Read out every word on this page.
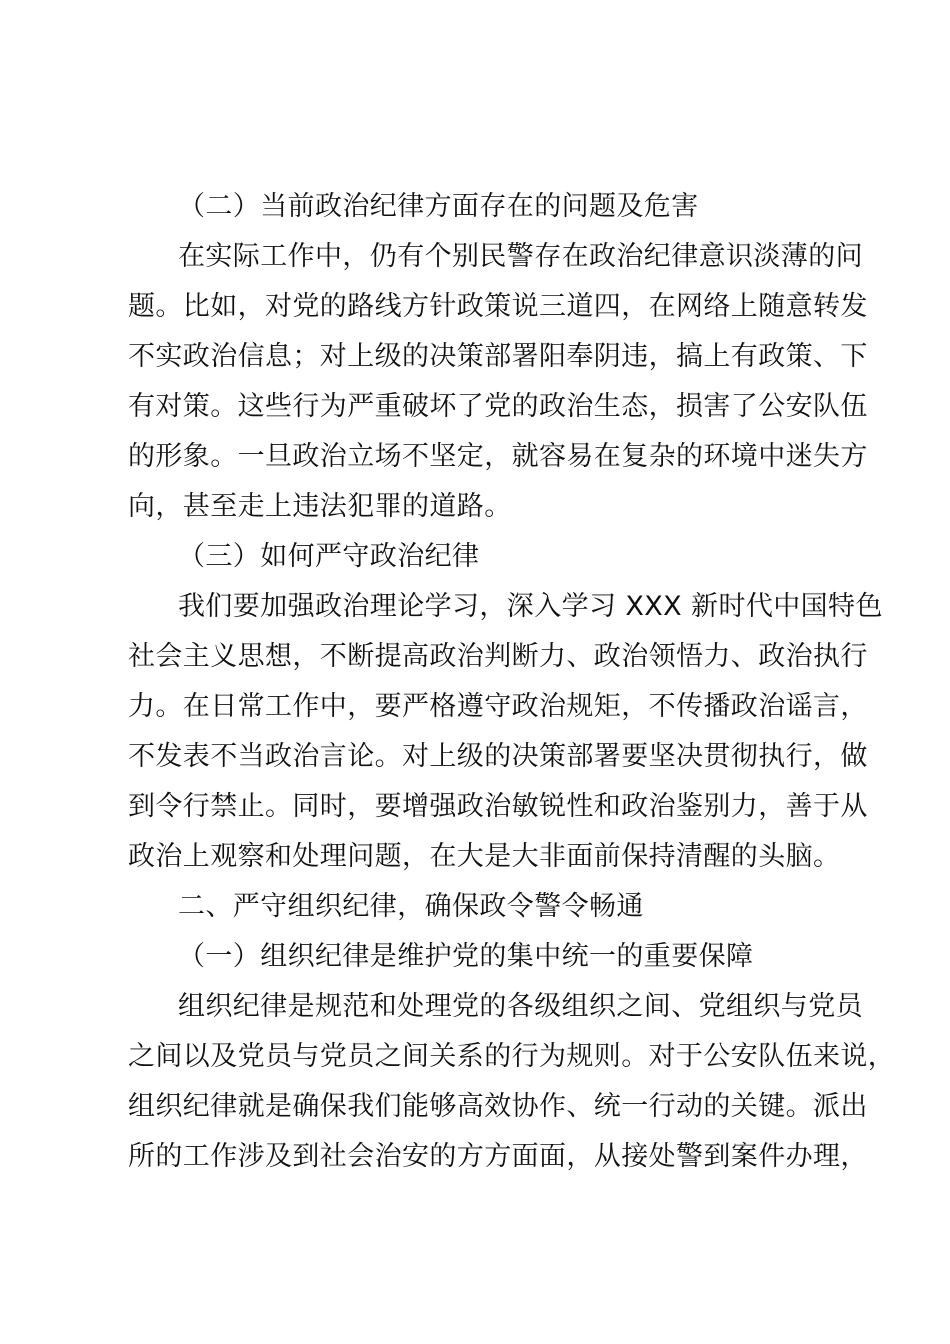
（二）当前政治纪律方面存在的问题及危害
在实际工作中，仍有个别民警存在政治纪律意识淡薄的问
题。比如，对党的路线方针政策说三道四，在网络上随意转发
不实政治信息；对上级的决策部署阳奉阴违，搞上有政策、下
有对策。这些行为严重破坏了党的政治生态，损害了公安队伍
的形象。一旦政治立场不坚定，就容易在复杂的环境中迷失方
向，甚至走上违法犯罪的道路。
（三）如何严守政治纪律
我们要加强政治理论学习，深入学习 XXX 新时代中国特色
社会主义思想，不断提高政治判断力、政治领悟力、政治执行
力。在日常工作中，要严格遵守政治规矩，不传播政治谣言，
不发表不当政治言论。对上级的决策部署要坚决贯彻执行，做
到令行禁止。同时，要增强政治敏锐性和政治鉴别力，善于从
政治上观察和处理问题，在大是大非面前保持清醒的头脑。
二、严守组织纪律，确保政令警令畅通
（一）组织纪律是维护党的集中统一的重要保障
组织纪律是规范和处理党的各级组织之间、党组织与党员
之间以及党员与党员之间关系的行为规则。对于公安队伍来说，
组织纪律就是确保我们能够高效协作、统一行动的关键。派出
所的工作涉及到社会治安的方方面面，从接处警到案件办理，
